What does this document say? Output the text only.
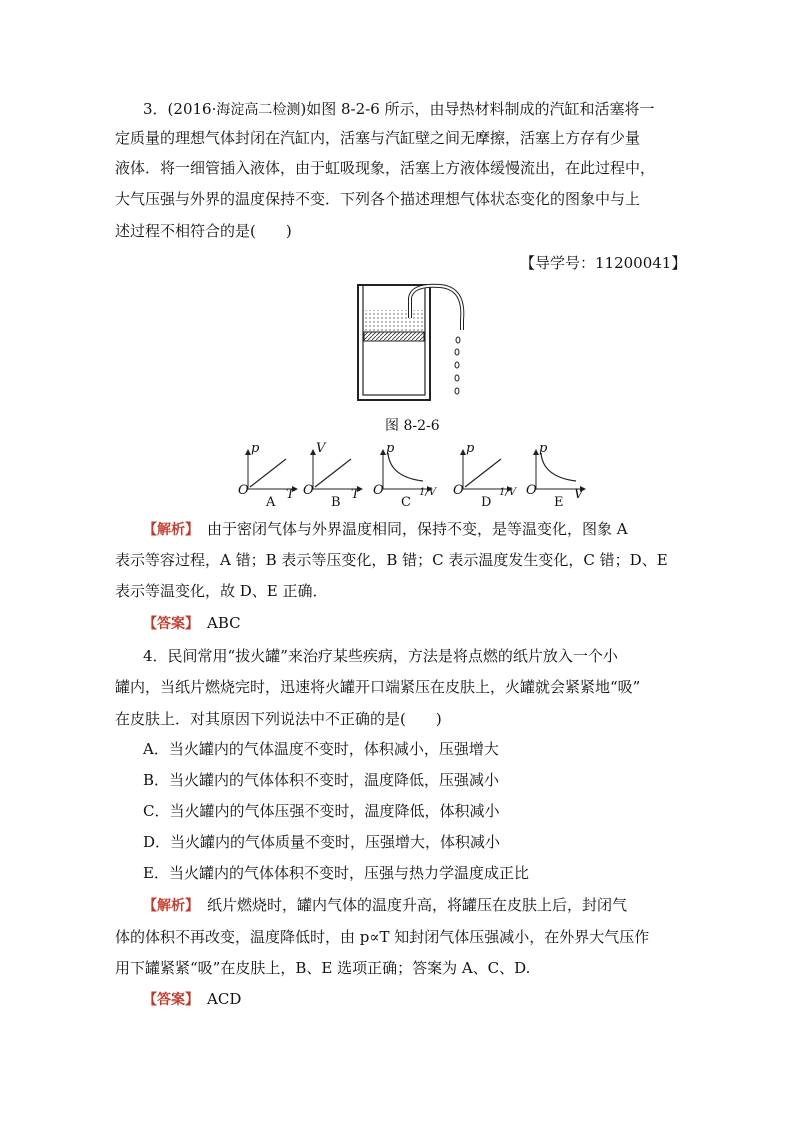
3．(2016·海淀高二检测)如图 8-2-6 所示，由导热材料制成的汽缸和活塞将一
定质量的理想气体封闭在汽缸内，活塞与汽缸壁之间无摩擦，活塞上方存有少量
液体．将一细管插入液体，由于虹吸现象，活塞上方液体缓慢流出，在此过程中，
大气压强与外界的温度保持不变．下列各个描述理想气体状态变化的图象中与上
述过程不相符合的是(　　)
【导学号：11200041】
图 8-2-6
p
O	T
A
V
O	T
B
p
O	1/V
C
p
O	1/V
D
p
O	V
E
【解析】　 由于密闭气体与外界温度相同，保持不变，是等温变化，图象 A
表示等容过程，A 错；B 表示等压变化，B 错；C 表示温度发生变化，C 错；D、E
表示等温变化，故 D、E 正确．
【答案】　 ABC
4．民间常用“拔火罐”来治疗某些疾病，方法是将点燃的纸片放入一个小
罐内，当纸片燃烧完时，迅速将火罐开口端紧压在皮肤上，火罐就会紧紧地“吸”
在皮肤上．对其原因下列说法中不正确的是(　　)
A．当火罐内的气体温度不变时，体积减小，压强增大
B．当火罐内的气体体积不变时，温度降低，压强减小
C．当火罐内的气体压强不变时，温度降低，体积减小
D．当火罐内的气体质量不变时，压强增大，体积减小
E．当火罐内的气体体积不变时，压强与热力学温度成正比
【解析】　 纸片燃烧时，罐内气体的温度升高，将罐压在皮肤上后，封闭气
体的体积不再改变，温度降低时，由 p∝T 知封闭气体压强减小，在外界大气压作
用下罐紧紧“吸”在皮肤上，B、E 选项正确；答案为 A、C、D.
【答案】　 ACD
